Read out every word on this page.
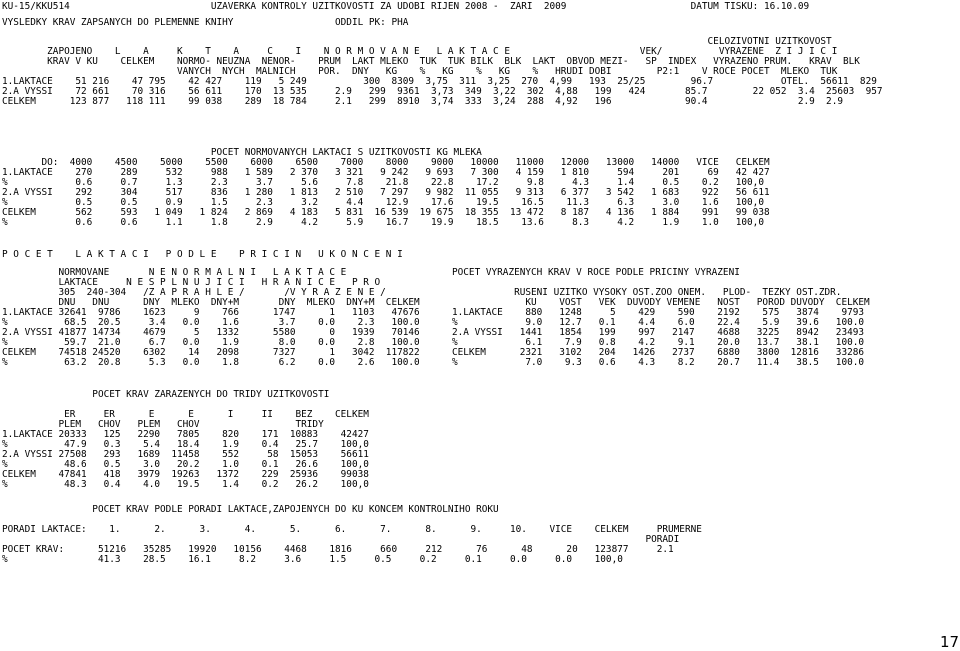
KU-15/KKU514                         UZAVERKA KONTROLY UZITKOVOSTI ZA UDOBI RIJEN 2008 -  ZARI  2009                      DATUM TISKU: 16.10.09
VYSLEDKY KRAV ZAPSANYCH DO PLEMENNE KNIHY                  ODDIL PK: PHA
CELOZIVOTNI UZITKOVOST
ZAPOJENO    L    A     K    T    A     C    I    N O R M O V A N E   L A K T A C E                       VEK/          VYRAZENE  Z I J I C I
KRAV V KU    CELKEM    NORMO- NEUZNA  NENOR-    PRUM  LAKT MLEKO  TUK  TUK BILK  BLK  LAKT  OBVOD MEZI-   SP  INDEX   VYRAZENO PRUM.   KRAV  BLK
VANYCH  NYCH  MALNICH    POR.  DNY   KG    %   KG    %   KG    %   HRUDI DOBI        P2:1    V ROCE POCET  MLEKO  TUK
1.LAKTACE    51 216    47 795    42 427    119   5 249          300  8309  3,75  311  3,25  270  4,99   193  25/25        96.7            OTEL.  56611  829
2.A VYSSI    72 661    70 316    56 611    170  13 535     2.9   299  9361  3,73  349  3,22  302  4,88   199   424       85.7        22 052  3.4  25603  957
CELKEM      123 877   118 111    99 038    289  18 784     2.1   299  8910  3,74  333  3,24  288  4,92   196             90.4                2.9  2.9
POCET NORMOVANYCH LAKTACI S UZITKOVOSTI KG MLEKA
DO:  4000    4500    5000    5500    6000    6500    7000    8000    9000   10000   11000   12000   13000   14000   VICE   CELKEM
1.LAKTACE    270     289     532     988   1 589   2 370   3 321   9 242   9 693   7 300   4 159   1 810     594     201     69   42 427
%            0.6     0.7     1.3     2.3     3.7     5.6     7.8    21.8    22.8    17.2     9.8     4.3     1.4     0.5    0.2   100,0
2.A VYSSI    292     304     517     836   1 280   1 813   2 510   7 297   9 982  11 055   9 313   6 377   3 542   1 683    922   56 611
%            0.5     0.5     0.9     1.5     2.3     3.2     4.4    12.9    17.6    19.5    16.5    11.3     6.3     3.0    1.6   100,0
CELKEM       562     593   1 049   1 824   2 869   4 183   5 831  16 539  19 675  18 355  13 472   8 187   4 136   1 884    991   99 038
%            0.6     0.6     1.1     1.8     2.9     4.2     5.9    16.7    19.9    18.5    13.6     8.3     4.2     1.9    1.0   100,0
P O C E T    L A K T A C I   P O D L E    P R I C I N   U K O N C E N I
NORMOVANE       N E N O R M A L N I   L A K T A C E
LAKTACE     N E S P L N U J I C I   H R A N I C E   P R O
305  240-304   /Z A P R A H L E /       /V Y R A Z E N E /
DNU   DNU      DNY  MLEKO  DNY+M       DNY  MLEKO  DNY+M  CELKEM
1.LAKTACE 32641  9786    1623     9    766      1747      1   1103   47676
%          68.5  20.5     3.4   0.0    1.6       3.7    0.0    2.3   100.0
2.A VYSSI 41877 14734    4679     5   1332      5580      0   1939   70146
%          59.7  21.0     6.7   0.0    1.9       8.0    0.0    2.8   100.0
CELKEM    74518 24520    6302    14   2098      7327      1   3042  117822
%          63.2  20.8     5.3   0.0    1.8       6.2    0.0    2.6   100.0
POCET VYRAZENYCH KRAV V ROCE PODLE PRICINY VYRAZENI
RUSENI UZITKO VYSOKY OST.ZOO ONEM.   PLOD-  TEZKY OST.ZDR.
KU    VOST   VEK  DUVODY VEMENE   NOST   POROD DUVODY  CELKEM
1.LAKTACE    880   1248     5    429    590    2192    575   3874    9793
%            9.0   12.7   0.1    4.4    6.0    22.4    5.9   39.6   100.0
2.A VYSSI   1441   1854   199    997   2147    4688   3225   8942   23493
%            6.1    7.9   0.8    4.2    9.1    20.0   13.7   38.1   100.0
CELKEM      2321   3102   204   1426   2737    6880   3800  12816   33286
%            7.0    9.3   0.6    4.3    8.2    20.7   11.4   38.5   100.0
POCET KRAV ZARAZENYCH DO TRIDY UZITKOVOSTI
ER     ER      E      E      I     II    BEZ    CELKEM
PLEM   CHOV   PLEM   CHOV                 TRIDY
1.LAKTACE 20333   125   2290   7805    820    171  10883    42427
%          47.9   0.3    5.4   18.4    1.9    0.4   25.7    100,0
2.A VYSSI 27508   293   1689  11458    552     58  15053    56611
%          48.6   0.5    3.0   20.2    1.0    0.1   26.6    100,0
CELKEM    47841   418   3979  19263   1372    229  25936    99038
%          48.3   0.4    4.0   19.5    1.4    0.2   26.2    100,0
POCET KRAV PODLE PORADI LAKTACE,ZAPOJENYCH DO KU KONCEM KONTROLNIHO ROKU
PORADI LAKTACE:    1.      2.      3.      4.      5.      6.      7.      8.      9.     10.    VICE    CELKEM     PRUMERNE
PORADI
POCET KRAV:      51216   35285   19920   10156    4468    1816     660     212      76      48      20   123877     2.1
%                41.3    28.5    16.1     8.2     3.6     1.5     0.5     0.2     0.1     0.0     0.0    100,0
17
